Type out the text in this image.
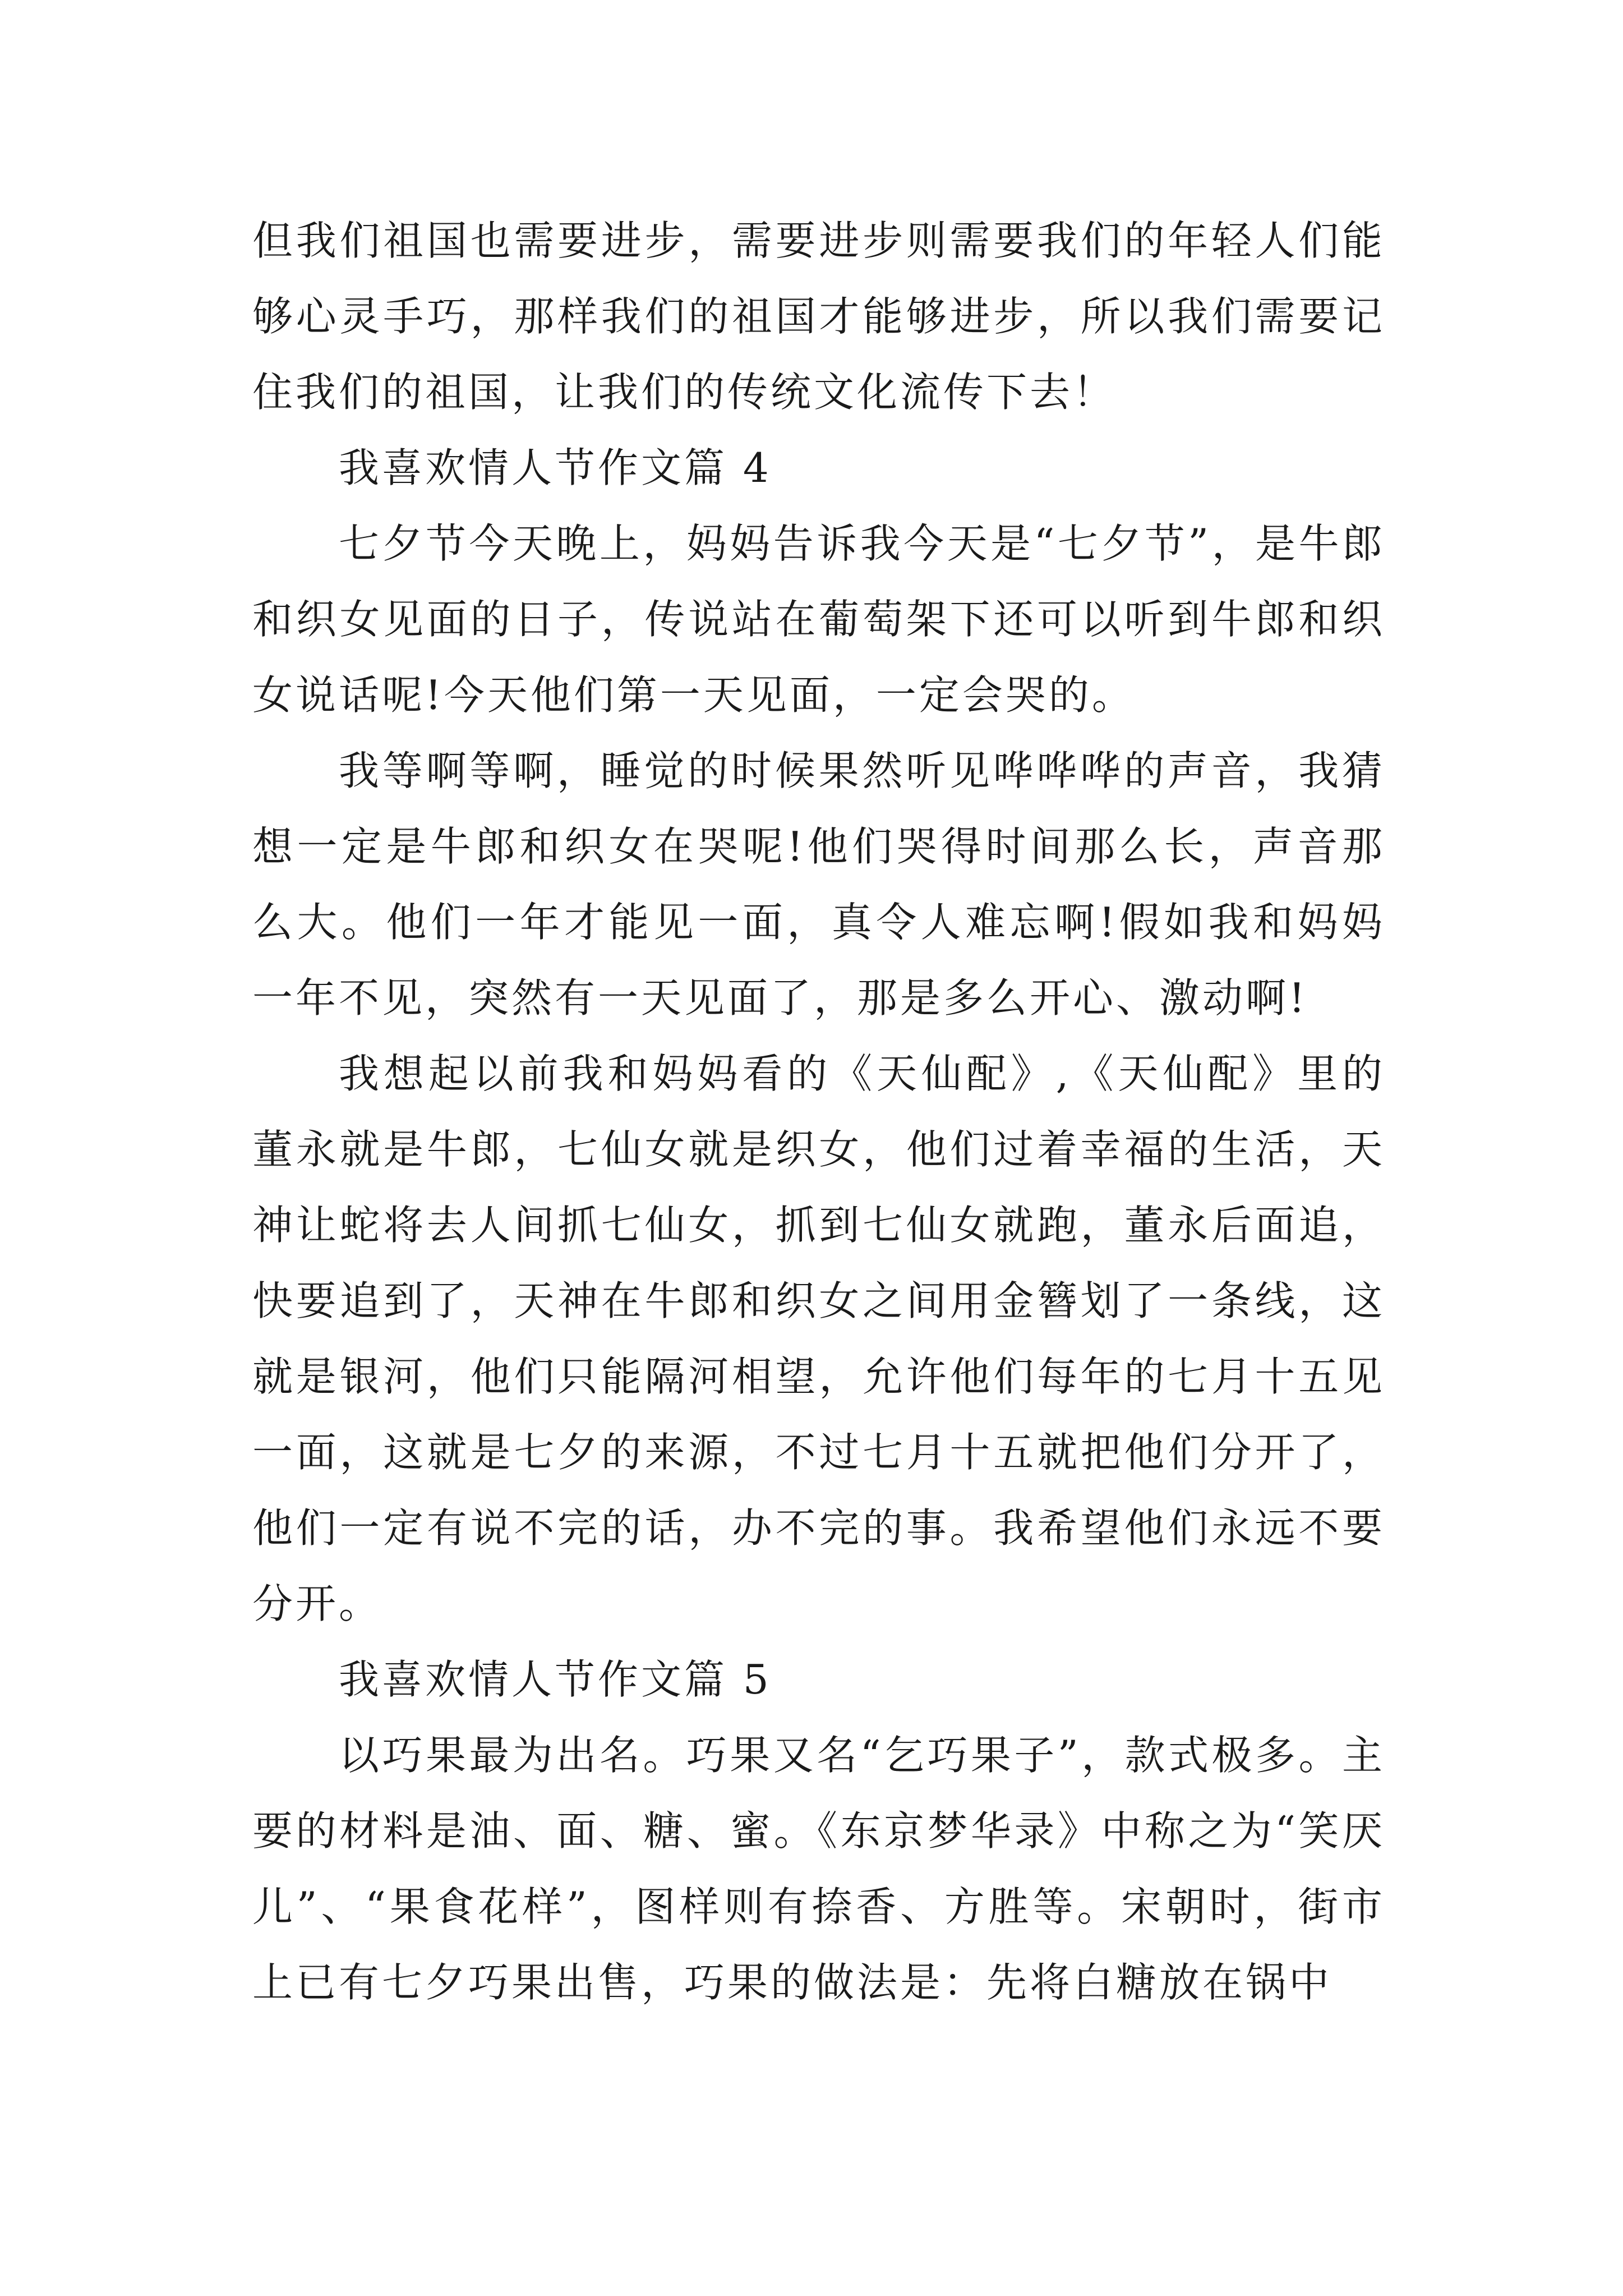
但我们祖国也需要进步，需要进步则需要我们的年轻人们能够心灵手巧，那样我们的祖国才能够进步，所以我们需要记住我们的祖国，让我们的传统文化流传下去！

我喜欢情人节作文篇 4

七夕节今天晚上，妈妈告诉我今天是“七夕节”，是牛郎和织女见面的日子，传说站在葡萄架下还可以听到牛郎和织女说话呢!今天他们第一天见面，一定会哭的。

我等啊等啊，睡觉的时候果然听见哗哗哗的声音，我猜想一定是牛郎和织女在哭呢!他们哭得时间那么长，声音那么大。他们一年才能见一面，真令人难忘啊!假如我和妈妈一年不见，突然有一天见面了，那是多么开心、激动啊!

我想起以前我和妈妈看的《天仙配》,《天仙配》里的董永就是牛郎，七仙女就是织女，他们过着幸福的生活，天神让蛇将去人间抓七仙女，抓到七仙女就跑，董永后面追，快要追到了，天神在牛郎和织女之间用金簪划了一条线，这就是银河，他们只能隔河相望，允许他们每年的七月十五见一面，这就是七夕的来源，不过七月十五就把他们分开了，他们一定有说不完的话，办不完的事。我希望他们永远不要分开。

我喜欢情人节作文篇 5

以巧果最为出名。巧果又名“乞巧果子”，款式极多。主要的材料是油、面、糖、蜜。《东京梦华录》中称之为“笑厌儿”、“果食花样”，图样则有捺香、方胜等。宋朝时，街市上已有七夕巧果出售，巧果的做法是：先将白糖放在锅中
